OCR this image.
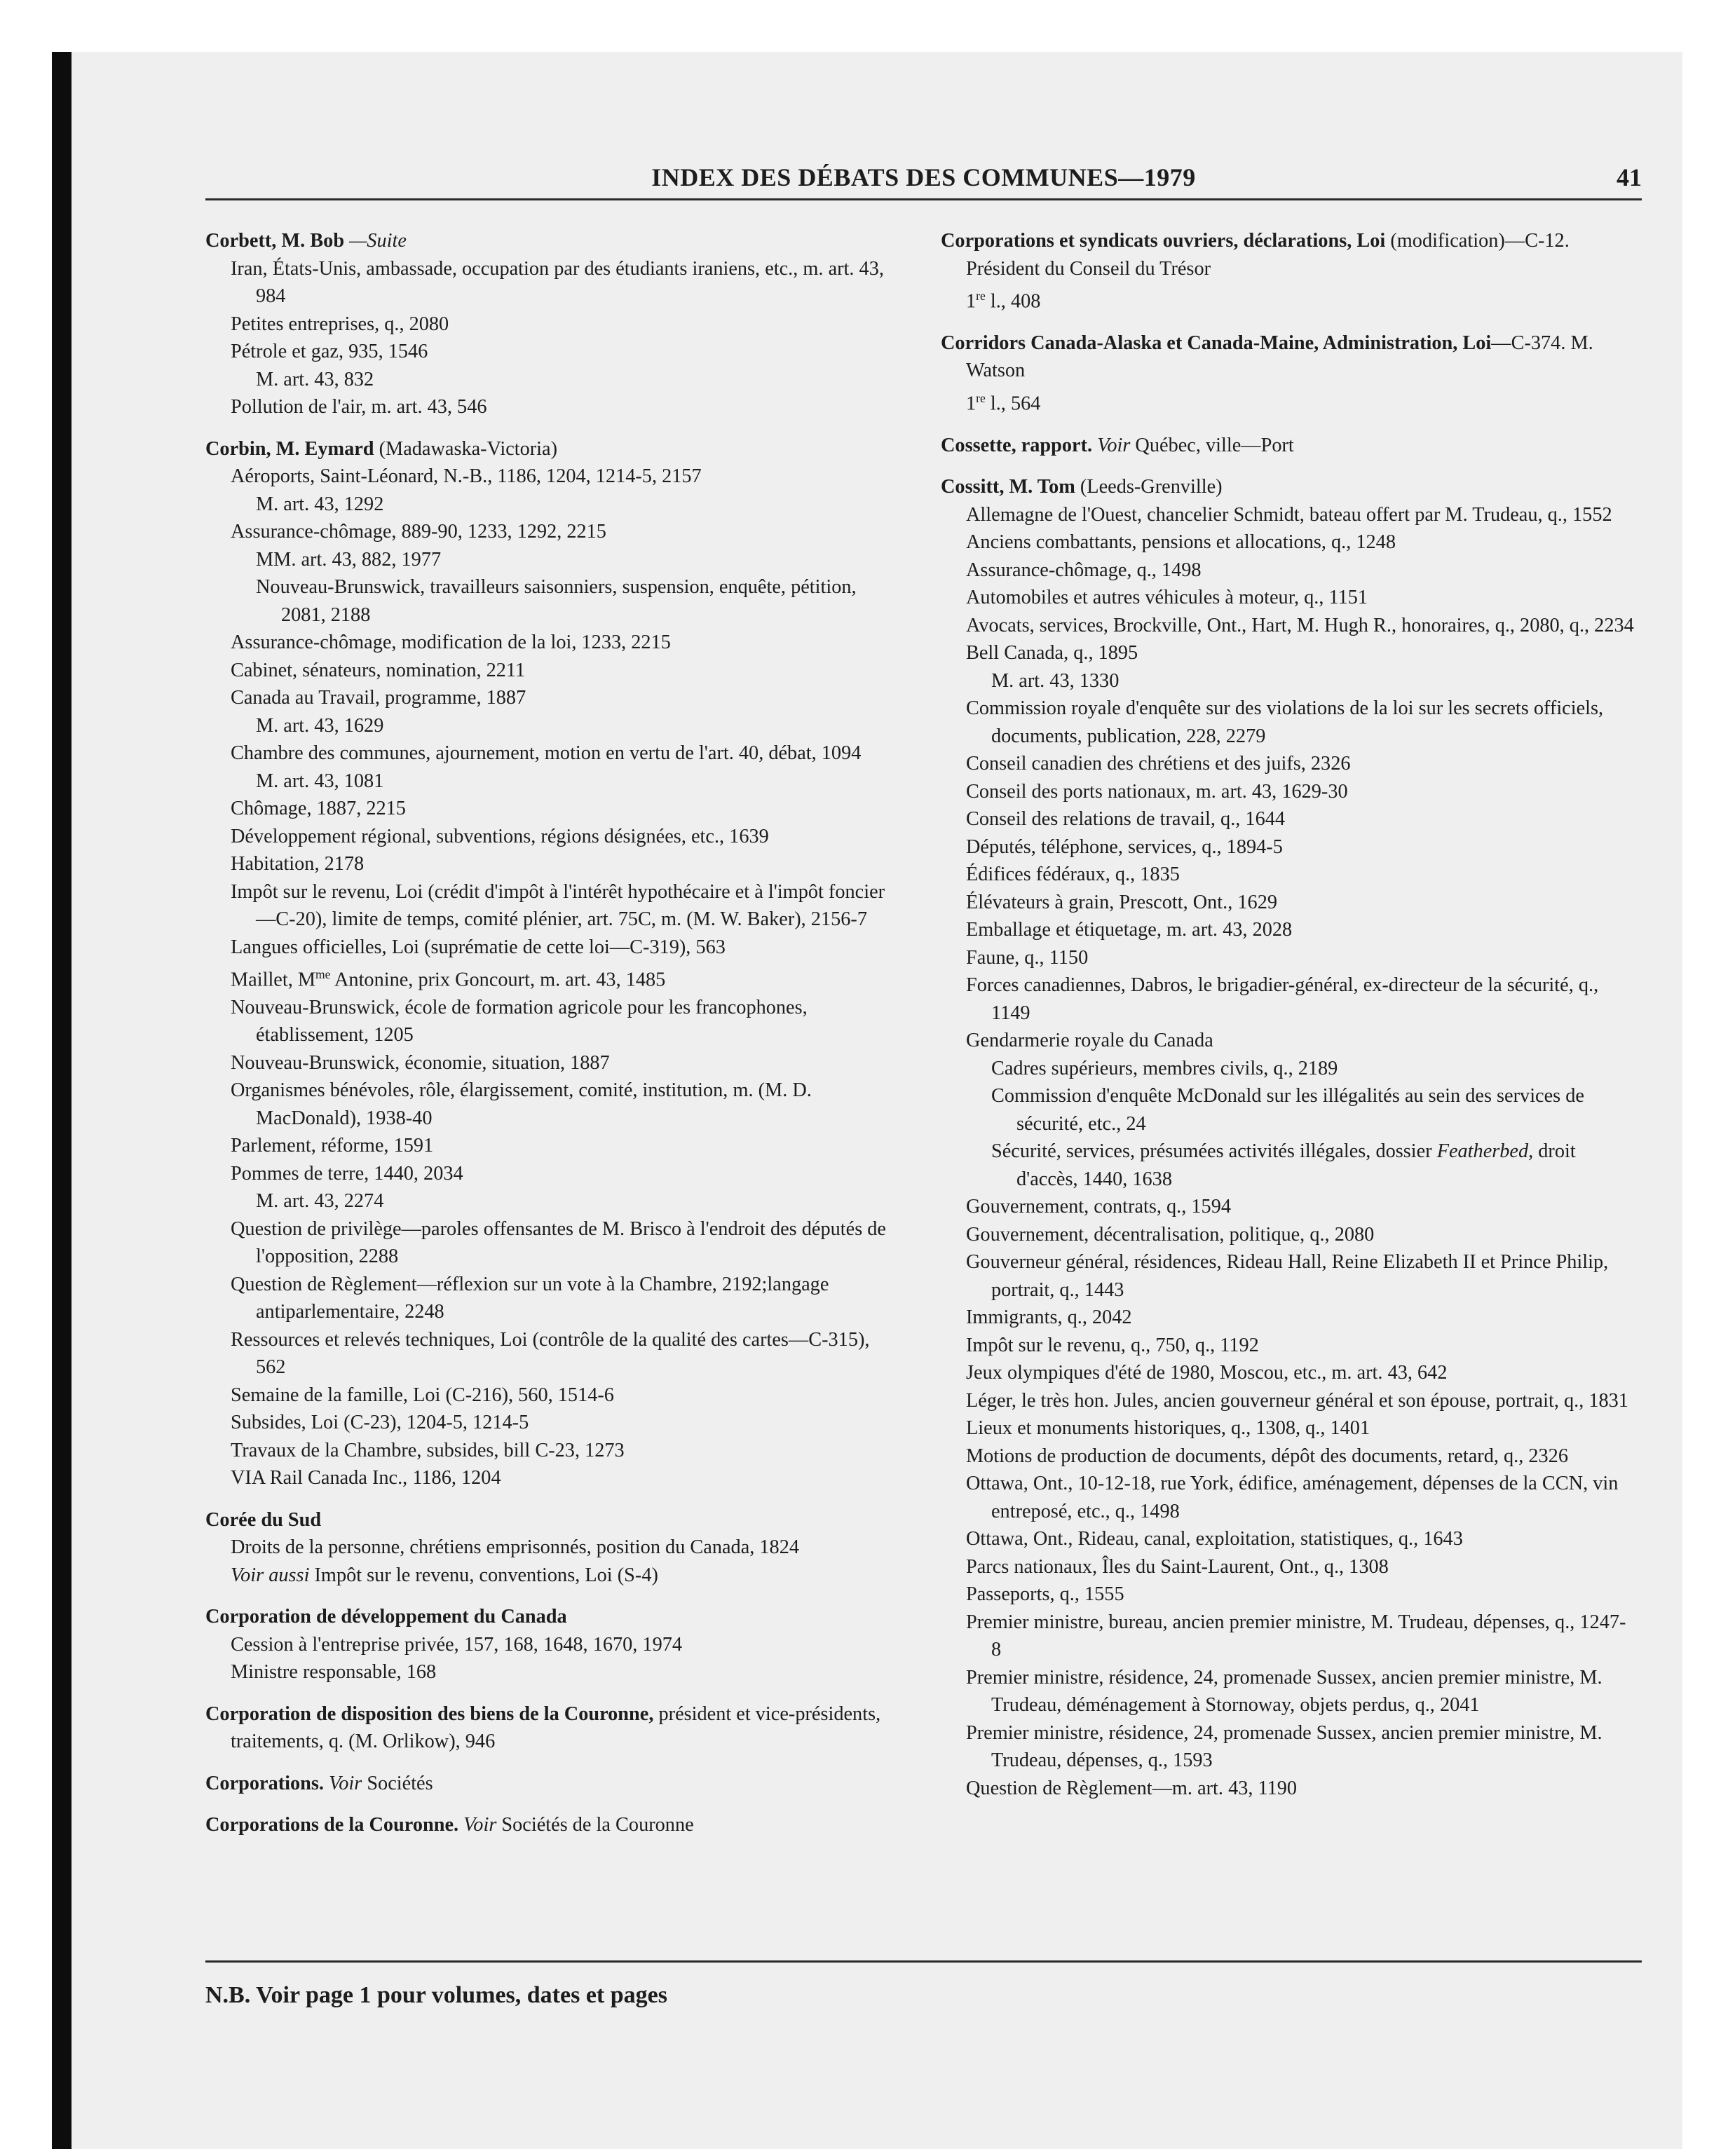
INDEX DES DÉBATS DES COMMUNES—1979	41
Corbett, M. Bob —Suite
Iran, États-Unis, ambassade, occupation par des étudiants iraniens, etc., m. art. 43, 984
Petites entreprises, q., 2080
Pétrole et gaz, 935, 1546
M. art. 43, 832
Pollution de l'air, m. art. 43, 546
Corbin, M. Eymard (Madawaska-Victoria)
Aéroports, Saint-Léonard, N.-B., 1186, 1204, 1214-5, 2157
M. art. 43, 1292
Assurance-chômage, 889-90, 1233, 1292, 2215
MM. art. 43, 882, 1977
Nouveau-Brunswick, travailleurs saisonniers, suspension, enquête, pétition, 2081, 2188
Assurance-chômage, modification de la loi, 1233, 2215
Cabinet, sénateurs, nomination, 2211
Canada au Travail, programme, 1887
M. art. 43, 1629
Chambre des communes, ajournement, motion en vertu de l'art. 40, débat, 1094
M. art. 43, 1081
Chômage, 1887, 2215
Développement régional, subventions, régions désignées, etc., 1639
Habitation, 2178
Impôt sur le revenu, Loi (crédit d'impôt à l'intérêt hypothécaire et à l'impôt foncier—C-20), limite de temps, comité plénier, art. 75C, m. (M. W. Baker), 2156-7
Langues officielles, Loi (suprématie de cette loi—C-319), 563
Maillet, $M^{me}$ Antonine, prix Goncourt, m. art. 43, 1485
Nouveau-Brunswick, école de formation agricole pour les francophones, établissement, 1205
Nouveau-Brunswick, économie, situation, 1887
Organismes bénévoles, rôle, élargissement, comité, institution, m. (M. D. MacDonald), 1938-40
Parlement, réforme, 1591
Pommes de terre, 1440, 2034
M. art. 43, 2274
Question de privilège—paroles offensantes de M. Brisco à l'endroit des députés de l'opposition, 2288
Question de Règlement—réflexion sur un vote à la Chambre, 2192;langage antiparlementaire, 2248
Ressources et relevés techniques, Loi (contrôle de la qualité des cartes—C-315), 562
Semaine de la famille, Loi (C-216), 560, 1514-6
Subsides, Loi (C-23), 1204-5, 1214-5
Travaux de la Chambre, subsides, bill C-23, 1273
VIA Rail Canada Inc., 1186, 1204
Corée du Sud
Droits de la personne, chrétiens emprisonnés, position du Canada, 1824
Voir aussi Impôt sur le revenu, conventions, Loi (S-4)
Corporation de développement du Canada
Cession à l'entreprise privée, 157, 168, 1648, 1670, 1974
Ministre responsable, 168
Corporation de disposition des biens de la Couronne, président et vice-présidents, traitements, q. (M. Orlikow), 946
Corporations. Voir Sociétés
Corporations de la Couronne. Voir Sociétés de la Couronne
Corporations et syndicats ouvriers, déclarations, Loi (modification)—C-12. Président du Conseil du Trésor
1re l., 408
Corridors Canada-Alaska et Canada-Maine, Administration, Loi—C-374. M. Watson
1re l., 564
Cossette, rapport. Voir Québec, ville—Port
Cossitt, M. Tom (Leeds-Grenville)
Allemagne de l'Ouest, chancelier Schmidt, bateau offert par M. Trudeau, q., 1552
Anciens combattants, pensions et allocations, q., 1248
Assurance-chômage, q., 1498
Automobiles et autres véhicules à moteur, q., 1151
Avocats, services, Brockville, Ont., Hart, M. Hugh R., honoraires, q., 2080, q., 2234
Bell Canada, q., 1895
M. art. 43, 1330
Commission royale d'enquête sur des violations de la loi sur les secrets officiels, documents, publication, 228, 2279
Conseil canadien des chrétiens et des juifs, 2326
Conseil des ports nationaux, m. art. 43, 1629-30
Conseil des relations de travail, q., 1644
Députés, téléphone, services, q., 1894-5
Édifices fédéraux, q., 1835
Élévateurs à grain, Prescott, Ont., 1629
Emballage et étiquetage, m. art. 43, 2028
Faune, q., 1150
Forces canadiennes, Dabros, le brigadier-général, ex-directeur de la sécurité, q., 1149
Gendarmerie royale du Canada
Cadres supérieurs, membres civils, q., 2189
Commission d'enquête McDonald sur les illégalités au sein des services de sécurité, etc., 24
Sécurité, services, présumées activités illégales, dossier Featherbed, droit d'accès, 1440, 1638
Gouvernement, contrats, q., 1594
Gouvernement, décentralisation, politique, q., 2080
Gouverneur général, résidences, Rideau Hall, Reine Elizabeth II et Prince Philip, portrait, q., 1443
Immigrants, q., 2042
Impôt sur le revenu, q., 750, q., 1192
Jeux olympiques d'été de 1980, Moscou, etc., m. art. 43, 642
Léger, le très hon. Jules, ancien gouverneur général et son épouse, portrait, q., 1831
Lieux et monuments historiques, q., 1308, q., 1401
Motions de production de documents, dépôt des documents, retard, q., 2326
Ottawa, Ont., 10-12-18, rue York, édifice, aménagement, dépenses de la CCN, vin entreposé, etc., q., 1498
Ottawa, Ont., Rideau, canal, exploitation, statistiques, q., 1643
Parcs nationaux, Îles du Saint-Laurent, Ont., q., 1308
Passeports, q., 1555
Premier ministre, bureau, ancien premier ministre, M. Trudeau, dépenses, q., 1247-8
Premier ministre, résidence, 24, promenade Sussex, ancien premier ministre, M. Trudeau, déménagement à Stornoway, objets perdus, q., 2041
Premier ministre, résidence, 24, promenade Sussex, ancien premier ministre, M. Trudeau, dépenses, q., 1593
Question de Règlement—m. art. 43, 1190
N.B. Voir page 1 pour volumes, dates et pages
